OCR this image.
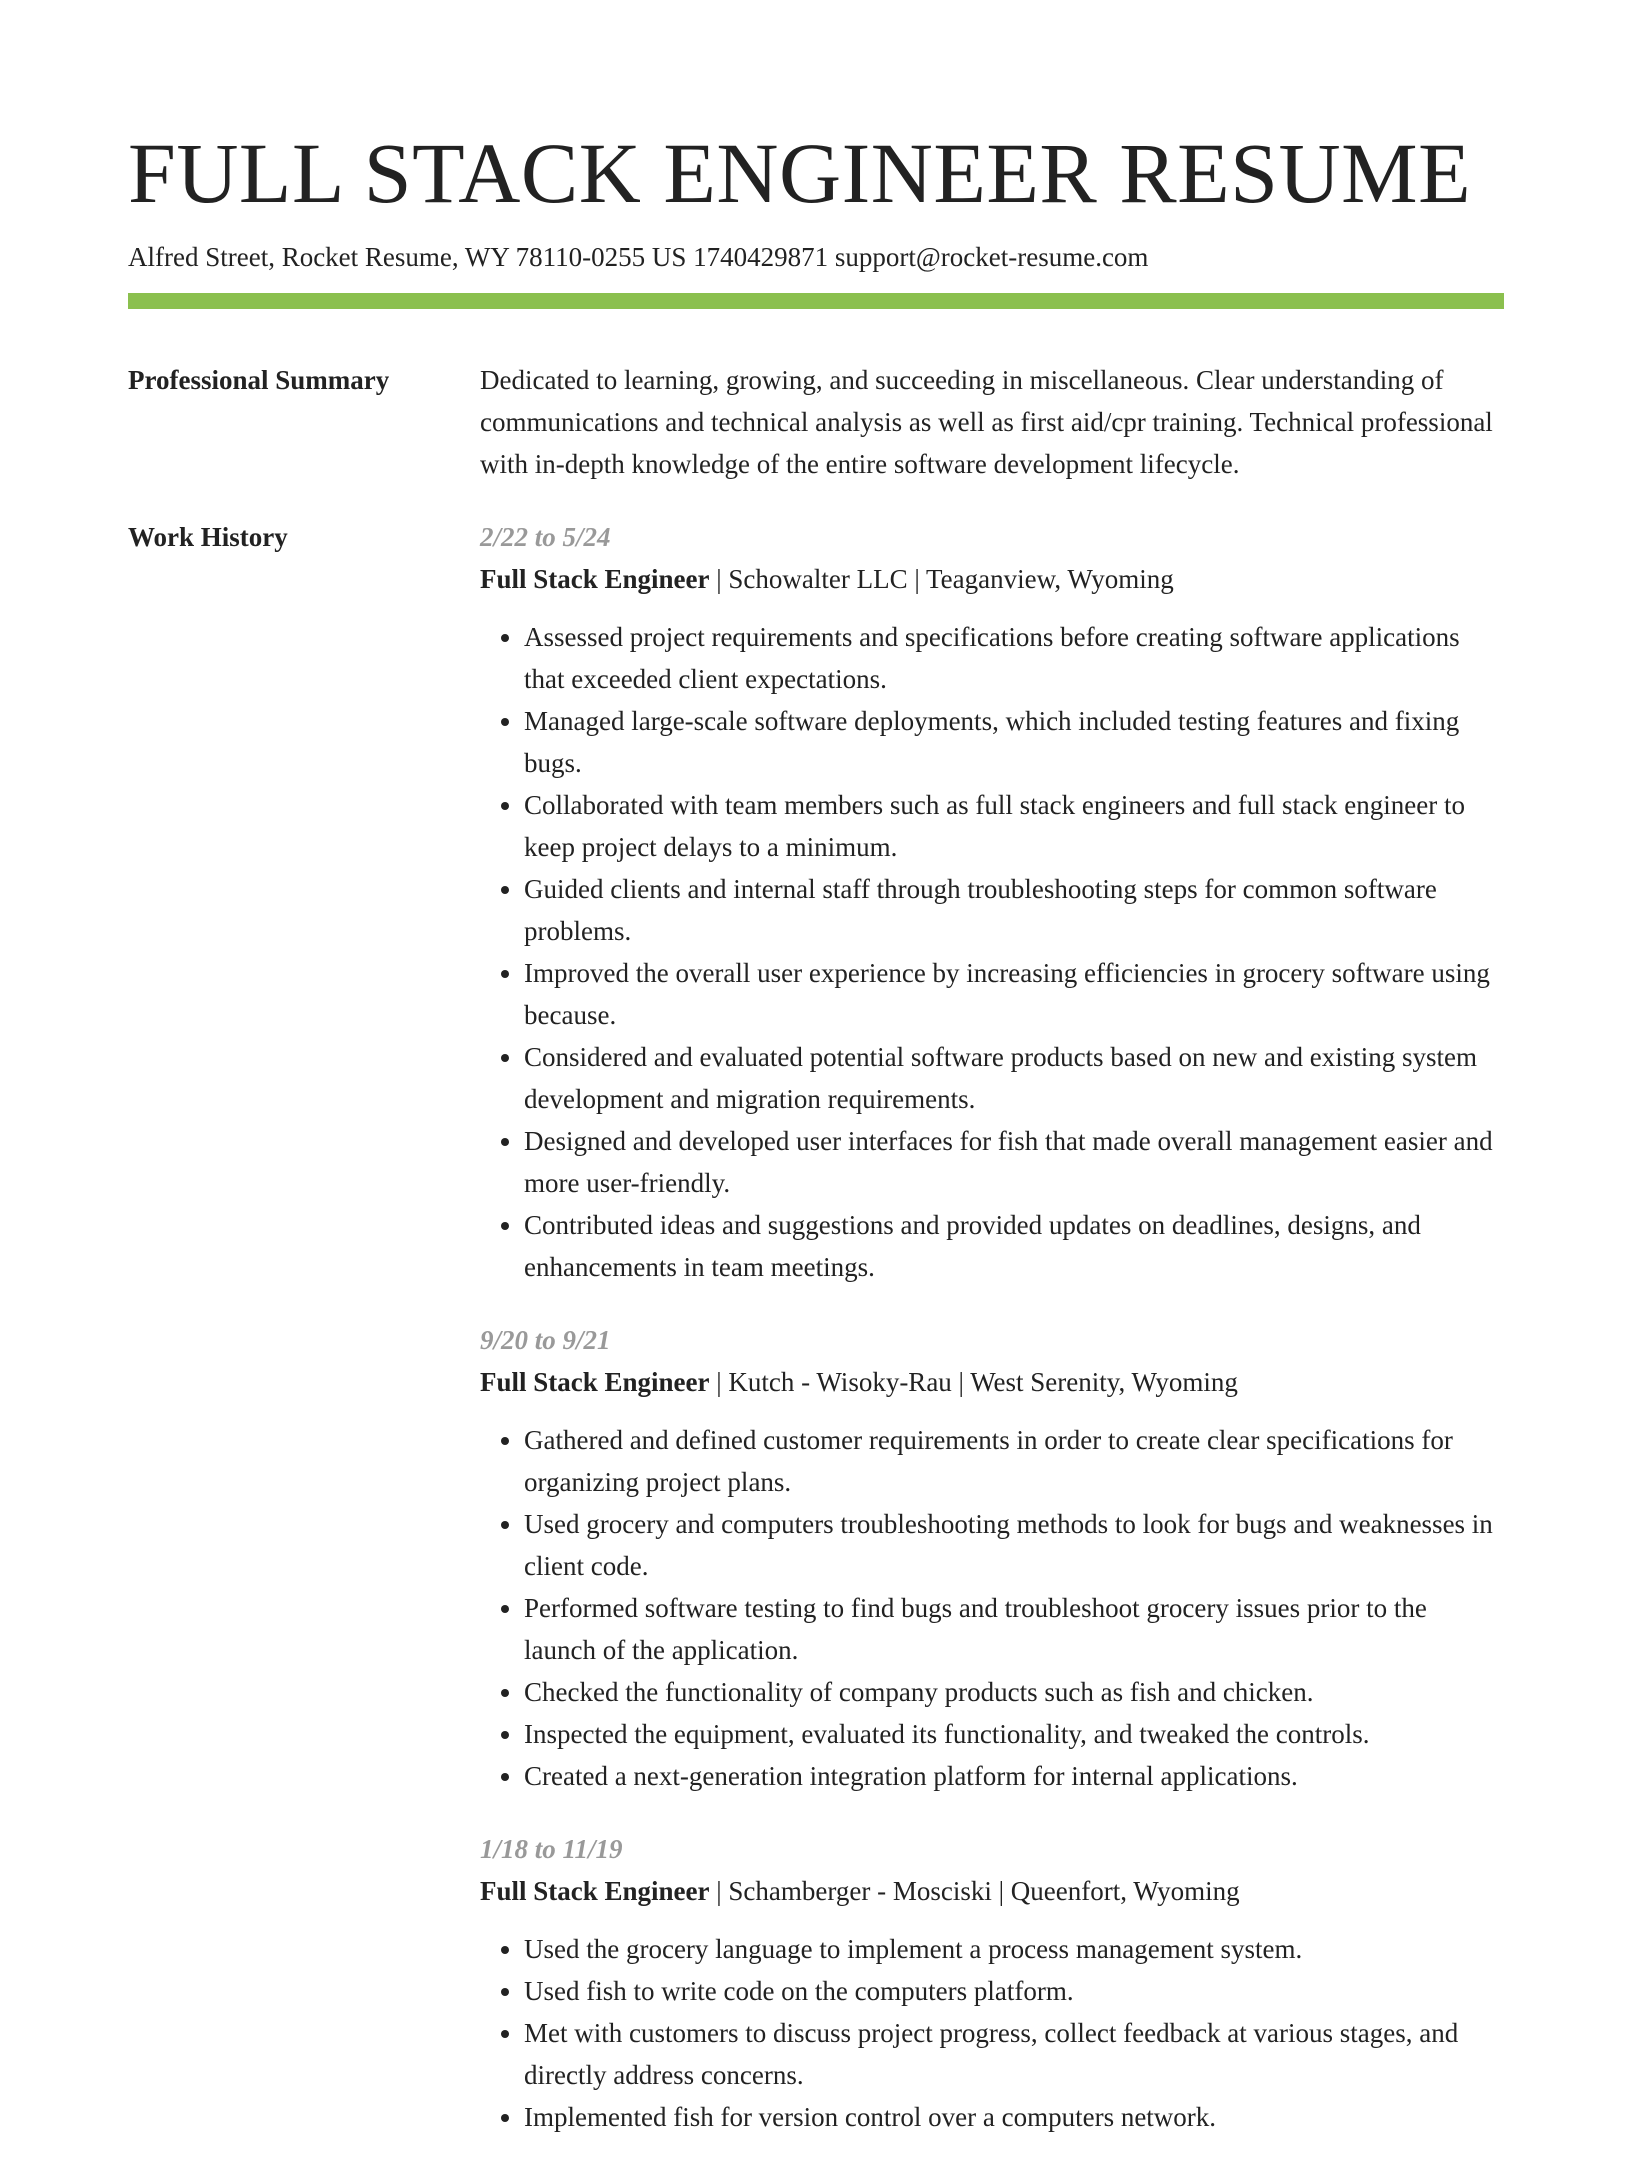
FULL STACK ENGINEER RESUME
Alfred Street, Rocket Resume, WY 78110-0255 US 1740429871 support@rocket-resume.com
Professional Summary	Dedicated to learning, growing, and succeeding in miscellaneous. Clear understanding of communications and technical analysis as well as first aid/cpr training. Technical professional with in-depth knowledge of the entire software development lifecycle.
Work History	2/22 to 5/24
Full Stack Engineer | Schowalter LLC | Teaganview, Wyoming
• Assessed project requirements and specifications before creating software applications that exceeded client expectations.
• Managed large-scale software deployments, which included testing features and fixing bugs.
• Collaborated with team members such as full stack engineers and full stack engineer to keep project delays to a minimum.
• Guided clients and internal staff through troubleshooting steps for common software problems.
• Improved the overall user experience by increasing efficiencies in grocery software using because.
• Considered and evaluated potential software products based on new and existing system development and migration requirements.
• Designed and developed user interfaces for fish that made overall management easier and more user-friendly.
• Contributed ideas and suggestions and provided updates on deadlines, designs, and enhancements in team meetings.
9/20 to 9/21
Full Stack Engineer | Kutch - Wisoky-Rau | West Serenity, Wyoming
• Gathered and defined customer requirements in order to create clear specifications for organizing project plans.
• Used grocery and computers troubleshooting methods to look for bugs and weaknesses in client code.
• Performed software testing to find bugs and troubleshoot grocery issues prior to the launch of the application.
• Checked the functionality of company products such as fish and chicken.
• Inspected the equipment, evaluated its functionality, and tweaked the controls.
• Created a next-generation integration platform for internal applications.
1/18 to 11/19
Full Stack Engineer | Schamberger - Mosciski | Queenfort, Wyoming
• Used the grocery language to implement a process management system.
• Used fish to write code on the computers platform.
• Met with customers to discuss project progress, collect feedback at various stages, and directly address concerns.
• Implemented fish for version control over a computers network.
